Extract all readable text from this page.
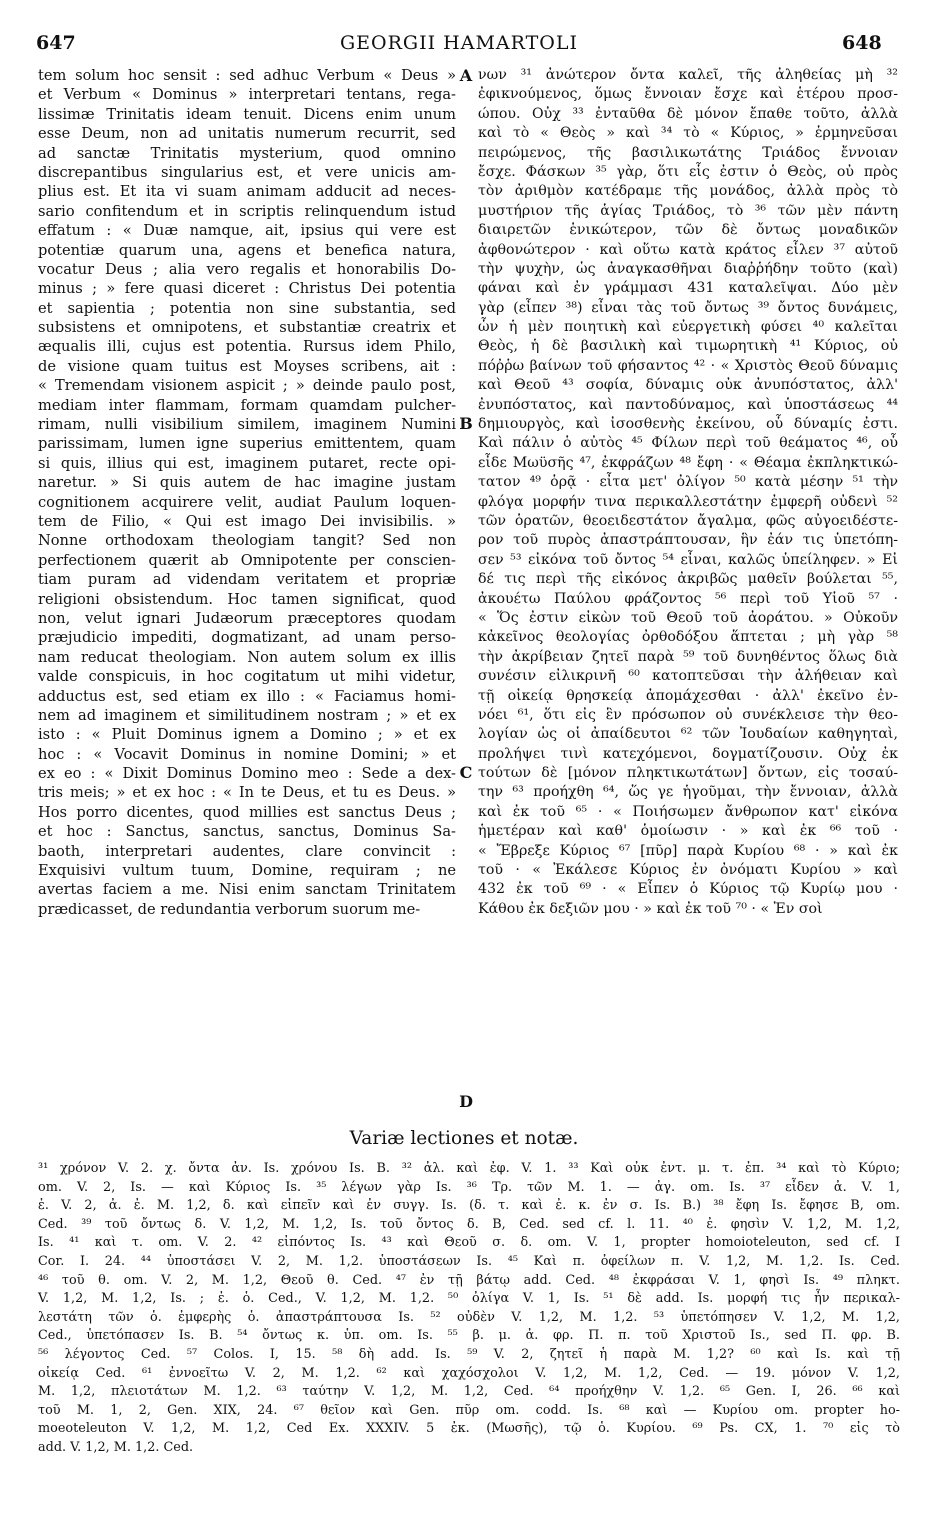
647	GEORGII HAMARTOLI	648
tem solum hoc sensit : sed adhuc Verbum « Deus »
et Verbum « Dominus » interpretari tentans, rega-
lissimæ Trinitatis ideam tenuit. Dicens enim unum
esse Deum, non ad unitatis numerum recurrit, sed
ad sanctæ Trinitatis mysterium, quod omnino
discrepantibus singularius est, et vere unicis am-
plius est. Et ita vi suam animam adducit ad neces-
sario confitendum et in scriptis relinquendum istud
effatum : « Duæ namque, ait, ipsius qui vere est
potentiæ quarum una, agens et benefica natura,
vocatur Deus ; alia vero regalis et honorabilis Do-
minus ; » fere quasi diceret : Christus Dei potentia
et sapientia ; potentia non sine substantia, sed
subsistens et omnipotens, et substantiæ creatrix et
æqualis illi, cujus est potentia. Rursus idem Philo,
de visione quam tuitus est Moyses scribens, ait :
« Tremendam visionem aspicit ; » deinde paulo post,
mediam inter flammam, formam quamdam pulcher-
rimam, nulli visibilium similem, imaginem Numini
parissimam, lumen igne superius emittentem, quam
si quis, illius qui est, imaginem putaret, recte opi-
naretur. » Si quis autem de hac imagine justam
cognitionem acquirere velit, audiat Paulum loquen-
tem de Filio, « Qui est imago Dei invisibilis. »
Nonne orthodoxam theologiam tangit? Sed non
perfectionem quærit ab Omnipotente per conscien-
tiam puram ad videndam veritatem et propriæ
religioni obsistendum. Hoc tamen significat, quod
non, velut ignari Judæorum præceptores quodam
præjudicio impediti, dogmatizant, ad unam perso-
nam reducat theologiam. Non autem solum ex illis
valde conspicuis, in hoc cogitatum ut mihi videtur,
adductus est, sed etiam ex illo : « Faciamus homi-
nem ad imaginem et similitudinem nostram ; » et ex
isto : « Pluit Dominus ignem a Domino ; » et ex
hoc : « Vocavit Dominus in nomine Domini; » et
ex eo : « Dixit Dominus Domino meo : Sede a dex-
tris meis; » et ex hoc : « In te Deus, et tu es Deus. »
Hos porro dicentes, quod millies est sanctus Deus ;
et hoc : Sanctus, sanctus, sanctus, Dominus Sa-
baoth, interpretari audentes, clare convincit :
Exquisivi vultum tuum, Domine, requiram ; ne
avertas faciem a me. Nisi enim sanctam Trinitatem
prædicasset, de redundantia verborum suorum me-
νων ³¹ ἀνώτερον ὄντα καλεῖ, τῆς ἀληθείας μὴ ³²
ἐφικνούμενος, ὅμως ἔννοιαν ἔσχε καὶ ἑτέρου προσ-
ώπου. Οὐχ ³³ ἐνταῦθα δὲ μόνον ἔπαθε τοῦτο, ἀλλὰ
καὶ τὸ « Θεὸς » καὶ ³⁴ τὸ « Κύριος, » ἑρμηνεῦσαι
πειρώμενος, τῆς βασιλικωτάτης Τριάδος ἔννοιαν
ἔσχε. Φάσκων ³⁵ γὰρ, ὅτι εἷς ἐστιν ὁ Θεὸς, οὐ πρὸς
τὸν ἀριθμὸν κατέδραμε τῆς μονάδος, ἀλλὰ πρὸς τὸ
μυστήριον τῆς ἁγίας Τριάδος, τὸ ³⁶ τῶν μὲν πάντη
διαιρετῶν ἑνικώτερον, τῶν δὲ ὄντως μοναδικῶν
ἀφθονώτερον · καὶ οὕτω κατὰ κράτος εἷλεν ³⁷ αὐτοῦ
τὴν ψυχὴν, ὡς ἀναγκασθῆναι διαῤῥήδην τοῦτο (καὶ)
φάναι καὶ ἐν γράμμασι 431 καταλεῖψαι. Δύο μὲν
γὰρ (εἶπεν ³⁸) εἶναι τὰς τοῦ ὄντως ³⁹ ὄντος δυνάμεις,
ὧν ἡ μὲν ποιητικὴ καὶ εὐεργετικὴ φύσει ⁴⁰ καλεῖται
Θεὸς, ἡ δὲ βασιλικὴ καὶ τιμωρητικὴ ⁴¹ Κύριος, οὐ
πόῤῥω βαίνων τοῦ φήσαντος ⁴² · « Χριστὸς Θεοῦ δύναμις
καὶ Θεοῦ ⁴³ σοφία, δύναμις οὐκ ἀνυπόστατος, ἀλλ'
ἐνυπόστατος, καὶ παντοδύναμος, καὶ ὑποστάσεως ⁴⁴
δημιουργὸς, καὶ ἰσοσθενὴς ἐκείνου, οὗ δύναμίς ἐστι.
Καὶ πάλιν ὁ αὐτὸς ⁴⁵ Φίλων περὶ τοῦ θεάματος ⁴⁶, οὗ
εἶδε Μωϋσῆς ⁴⁷, ἐκφράζων ⁴⁸ ἔφη · « Θέαμα ἐκπληκτικώ-
τατον ⁴⁹ ὁρᾷ · εἶτα μετ' ὀλίγον ⁵⁰ κατὰ μέσην ⁵¹ τὴν
φλόγα μορφήν τινα περικαλλεστάτην ἐμφερῆ οὐδενὶ ⁵²
τῶν ὁρατῶν, θεοειδεστάτον ἄγαλμα, φῶς αὐγοειδέστε-
ρον τοῦ πυρὸς ἀπαστράπτουσαν, ἣν ἐάν τις ὑπετόπη-
σεν ⁵³ εἰκόνα τοῦ ὄντος ⁵⁴ εἶναι, καλῶς ὑπείληφεν. » Εἰ
δέ τις περὶ τῆς εἰκόνος ἀκριβῶς μαθεῖν βούλεται ⁵⁵,
ἀκουέτω Παύλου φράζοντος ⁵⁶ περὶ τοῦ Υἱοῦ ⁵⁷ ·
« Ὅς ἐστιν εἰκὼν τοῦ Θεοῦ τοῦ ἀοράτου. » Οὐκοῦν
κἀκεῖνος θεολογίας ὀρθοδόξου ἅπτεται ; μὴ γὰρ ⁵⁸
τὴν ἀκρίβειαν ζητεῖ παρὰ ⁵⁹ τοῦ δυνηθέντος ὅλως διὰ
συνέσιν εἰλικρινῆ ⁶⁰ κατοπτεῦσαι τὴν ἀλήθειαν καὶ
τῇ οἰκείᾳ θρησκείᾳ ἀπομάχεσθαι · ἀλλ' ἐκεῖνο ἐν-
νόει ⁶¹, ὅτι εἰς ἓν πρόσωπον οὐ συνέκλεισε τὴν θεο-
λογίαν ὡς οἱ ἀπαίδευτοι ⁶² τῶν Ἰουδαίων καθηγηταὶ,
προλήψει τινὶ κατεχόμενοι, δογματίζουσιν. Οὐχ ἐκ
τούτων δὲ [μόνον πληκτικωτάτων] ὄντων, εἰς τοσαύ-
την ⁶³ προήχθη ⁶⁴, ὥς γε ἡγοῦμαι, τὴν ἔννοιαν, ἀλλὰ
καὶ ἐκ τοῦ ⁶⁵ · « Ποιήσωμεν ἄνθρωπον κατ' εἰκόνα
ἡμετέραν καὶ καθ' ὁμοίωσιν · » καὶ ἐκ ⁶⁶ τοῦ ·
« Ἔβρεξε Κύριος ⁶⁷ [πῦρ] παρὰ Κυρίου ⁶⁸ · » καὶ ἐκ
τοῦ · « Ἐκάλεσε Κύριος ἐν ὀνόματι Κυρίου » καὶ
432 ἐκ τοῦ ⁶⁹ · « Εἶπεν ὁ Κύριος τῷ Κυρίῳ μου ·
Κάθου ἐκ δεξιῶν μου · » καὶ ἐκ τοῦ ⁷⁰ · « Ἐν σοὶ
A
B
C
D
Variæ lectiones et notæ.
³¹ χρόνον V. 2. χ. ὄντα ἀν. Is. χρόνου Is. B. ³² ἀλ. καὶ ἐφ. V. 1. ³³ Καὶ οὐκ ἐντ. μ. τ. ἐπ. ³⁴ καὶ τὸ Κύριο;
om. V. 2, Is. — καὶ Κύριος Is. ³⁵ λέγων γὰρ Is. ³⁶ Τρ. τῶν M. 1. — ἀγ. om. Is. ³⁷ εἶδεν ἀ. V. 1,
ἐ. V. 2, ἀ. ἐ. M. 1,2, δ. καὶ εἰπεῖν καὶ ἐν συγγ. Is. (δ. τ. καὶ ἐ. κ. ἐν σ. Is. B.) ³⁸ ἔφη Is. ἔφησε B, om.
Ced. ³⁹ τοῦ ὄντως δ. V. 1,2, M. 1,2, Is. τοῦ ὄντος δ. B, Ced. sed cf. l. 11. ⁴⁰ ἐ. φησὶν V. 1,2, M. 1,2,
Is. ⁴¹ καὶ τ. om. V. 2. ⁴² εἰπόντος Is. ⁴³ καὶ Θεοῦ σ. δ. om. V. 1, propter homoioteleuton, sed cf. I
Cor. I. 24. ⁴⁴ ὑποστάσει V. 2, M. 1,2. ὑποστάσεων Is. ⁴⁵ Καὶ π. ὀφείλων π. V. 1,2, M. 1,2. Is. Ced.
⁴⁶ τοῦ θ. om. V. 2, M. 1,2, Θεοῦ θ. Ced. ⁴⁷ ἐν τῇ βάτῳ add. Ced. ⁴⁸ ἐκφράσαι V. 1, φησὶ Is. ⁴⁹ πληκτ.
V. 1,2, M. 1,2, Is. ; ἐ. ὁ. Ced., V. 1,2, M. 1,2. ⁵⁰ ὀλίγα V. 1, Is. ⁵¹ δὲ add. Is. μορφή τις ἦν περικαλ-
λεστάτη τῶν ὁ. ἐμφερὴς ὁ. ἀπαστράπτουσα Is. ⁵² οὐδὲν V. 1,2, M. 1,2. ⁵³ ὑπετόπησεν V. 1,2, M. 1,2,
Ced., ὑπετόπασεν Is. B. ⁵⁴ ὄντως κ. ὑπ. om. Is. ⁵⁵ β. μ. ἀ. φρ. Π. π. τοῦ Χριστοῦ Is., sed Π. φρ. B.
⁵⁶ λέγοντος Ced. ⁵⁷ Colos. I, 15. ⁵⁸ δὴ add. Is. ⁵⁹ V. 2, ζητεῖ ἡ παρὰ M. 1,2? ⁶⁰ καὶ Is. καὶ τῇ
οἰκείᾳ Ced. ⁶¹ ἐννοεῖτω V. 2, M. 1,2. ⁶² καὶ χαχόσχολοι V. 1,2, M. 1,2, Ced. — 19. μόνον V. 1,2,
M. 1,2, πλειοτάτων M. 1,2. ⁶³ ταύτην V. 1,2, M. 1,2, Ced. ⁶⁴ προήχθην V. 1,2. ⁶⁵ Gen. I, 26. ⁶⁶ καὶ
τοῦ M. 1, 2, Gen. XIX, 24. ⁶⁷ θεῖον καὶ Gen. πῦρ om. codd. Is. ⁶⁸ καὶ — Κυρίου om. propter ho-
moeoteleuton V. 1,2, M. 1,2, Ced Ex. XXXIV. 5 ἐκ. (Μωσῆς), τῷ ὁ. Κυρίου. ⁶⁹ Ps. CX, 1. ⁷⁰ εἰς τὸ
add. V. 1,2, M. 1,2. Ced.
